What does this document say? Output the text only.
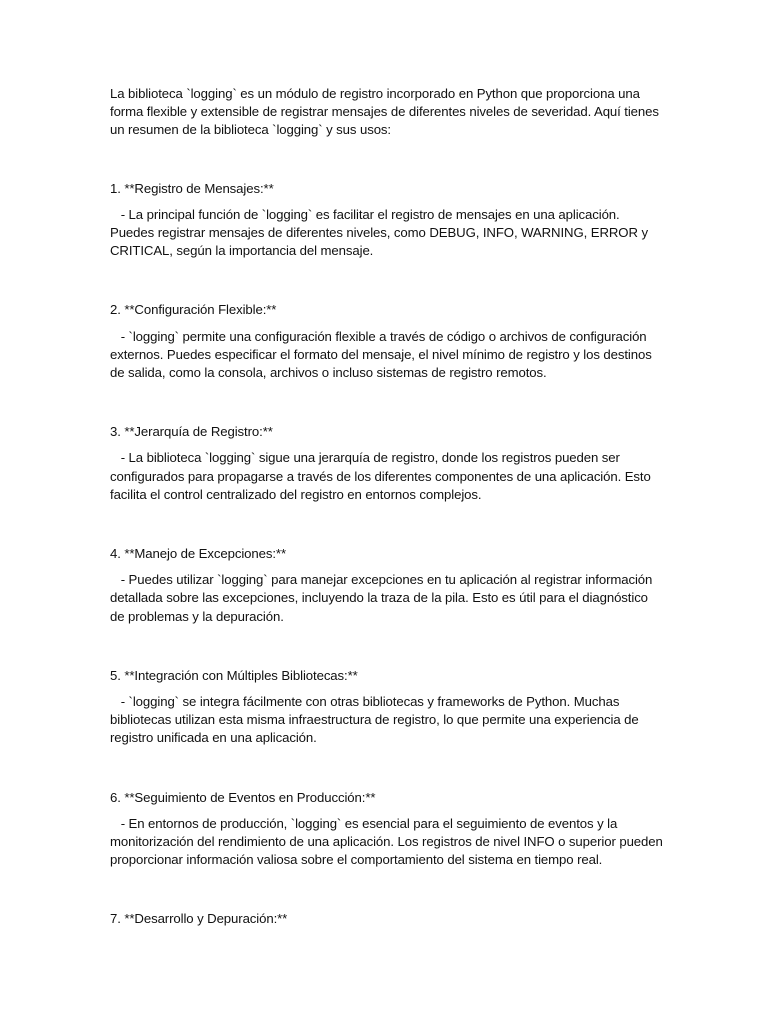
La biblioteca `logging` es un módulo de registro incorporado en Python que proporciona una forma flexible y extensible de registrar mensajes de diferentes niveles de severidad. Aquí tienes un resumen de la biblioteca `logging` y sus usos:

1. **Registro de Mensajes:**

- La principal función de `logging` es facilitar el registro de mensajes en una aplicación. Puedes registrar mensajes de diferentes niveles, como DEBUG, INFO, WARNING, ERROR y CRITICAL, según la importancia del mensaje.

2. **Configuración Flexible:**

- `logging` permite una configuración flexible a través de código o archivos de configuración externos. Puedes especificar el formato del mensaje, el nivel mínimo de registro y los destinos de salida, como la consola, archivos o incluso sistemas de registro remotos.

3. **Jerarquía de Registro:**

- La biblioteca `logging` sigue una jerarquía de registro, donde los registros pueden ser configurados para propagarse a través de los diferentes componentes de una aplicación. Esto facilita el control centralizado del registro en entornos complejos.

4. **Manejo de Excepciones:**

- Puedes utilizar `logging` para manejar excepciones en tu aplicación al registrar información detallada sobre las excepciones, incluyendo la traza de la pila. Esto es útil para el diagnóstico de problemas y la depuración.

5. **Integración con Múltiples Bibliotecas:**

- `logging` se integra fácilmente con otras bibliotecas y frameworks de Python. Muchas bibliotecas utilizan esta misma infraestructura de registro, lo que permite una experiencia de registro unificada en una aplicación.

6. **Seguimiento de Eventos en Producción:**

- En entornos de producción, `logging` es esencial para el seguimiento de eventos y la monitorización del rendimiento de una aplicación. Los registros de nivel INFO o superior pueden proporcionar información valiosa sobre el comportamiento del sistema en tiempo real.

7. **Desarrollo y Depuración:**
